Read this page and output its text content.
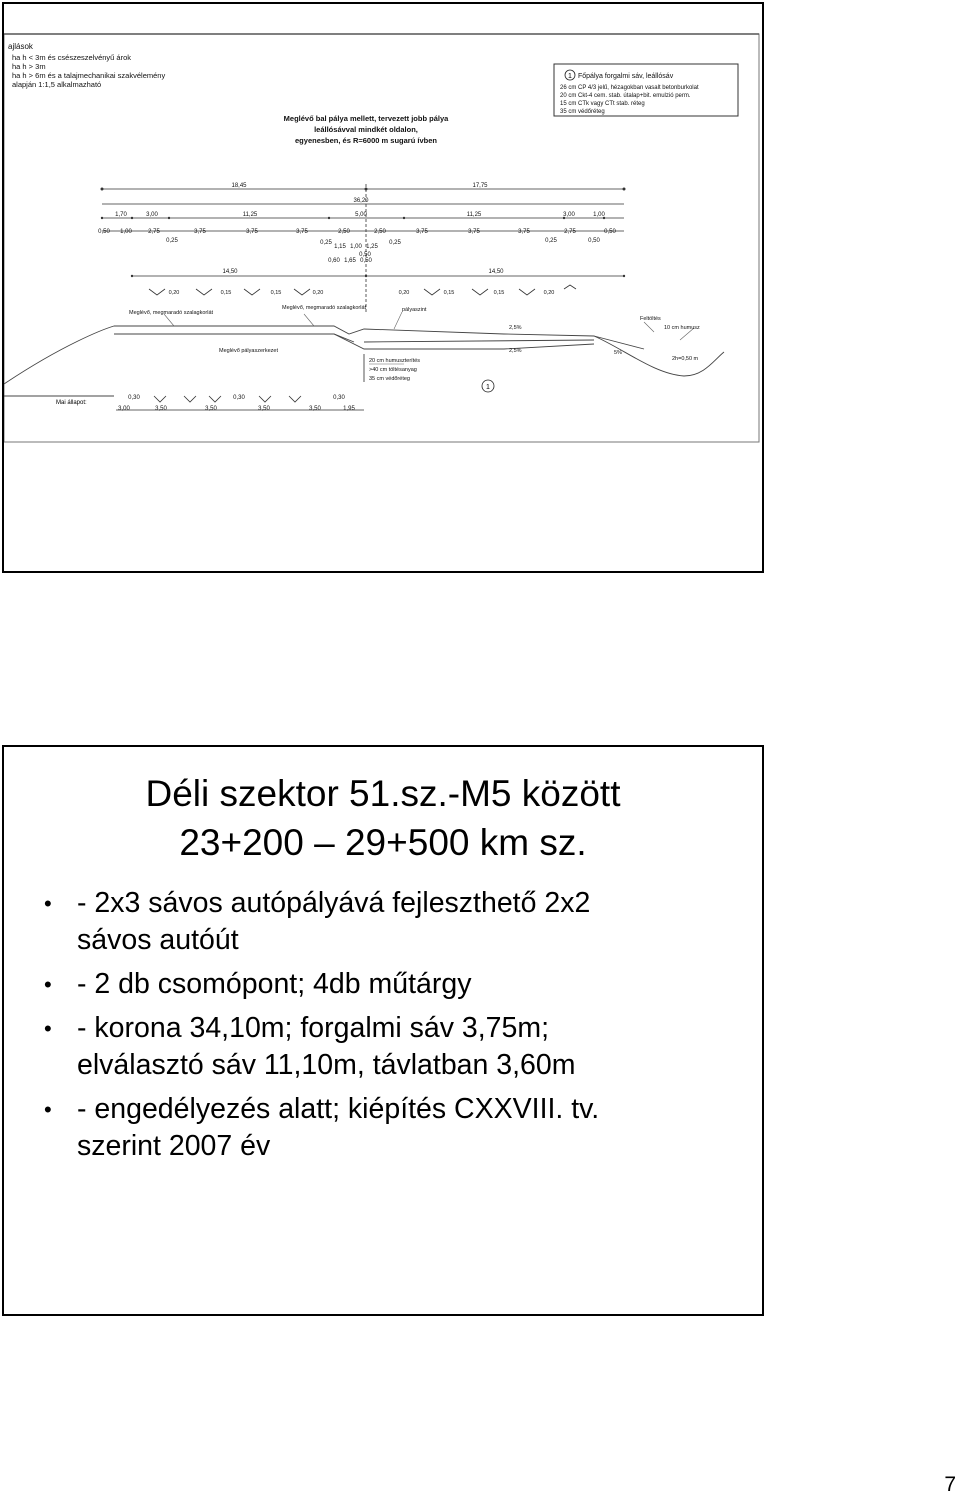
ajlások
ha h < 3m és csészeszelvényű árok
ha h > 3m
ha h > 6m és a talajmechanikai szakvélemény
alapján 1:1,5 alkalmazható
1 Főpálya forgalmi sáv, leállósáv
26 cm CP 4/3 jelű, hézagokban vasalt betonburkolat
20 cm Ckt-4 cem. stab. útalap+bit. emulzió perm.
15 cm CTk vagy CTt stab. réteg
35 cm védőréteg
Meglévő bal pálya mellett, tervezett jobb pálya
leállósávval mindkét oldalon,
egyenesben, és R=6000 m sugarú ívben
18,45	17,75
36,20
1,70	3,00	11,25	5,00	11,25	3,00	1,00
0,50 1,00	2,75	3,75	3,75	3,75	2,50	2,50	3,75	3,75	3,75	2,75	0,50
0,25	0,25	0,50
0,25
1,15 1,00 1,25
0,25
0,50
0,60 1,65 0,50
14,50	14,50
0,20	0,15	0,15	0,20	0,20	0,15	0,15	0,20
Meglévő, megmaradó szalagkorlát
Meglévő, megmaradó szalagkorlát
Meglévő pályaszerkezet
pályaszint
Feltöltés
10 cm humusz
20 cm humuszterítés
>40 cm töltésanyag
35 cm védőréteg
2,5%
2,5%	5%
2h=0,50 m
1
Mai állapot:
0,30	0,30	0,30
3,00	3,50	3,50	3,50	3,50	1,95
Déli szektor 51.sz.-M5 között
23+200 – 29+500 km sz.
• - 2x3 sávos autópályává fejleszthető 2x2
sávos autóút
• - 2 db csomópont; 4db műtárgy
• - korona 34,10m; forgalmi sáv 3,75m;
elválasztó sáv 11,10m, távlatban 3,60m
• - engedélyezés alatt; kiépítés CXXVIII. tv.
szerint 2007 év
7
